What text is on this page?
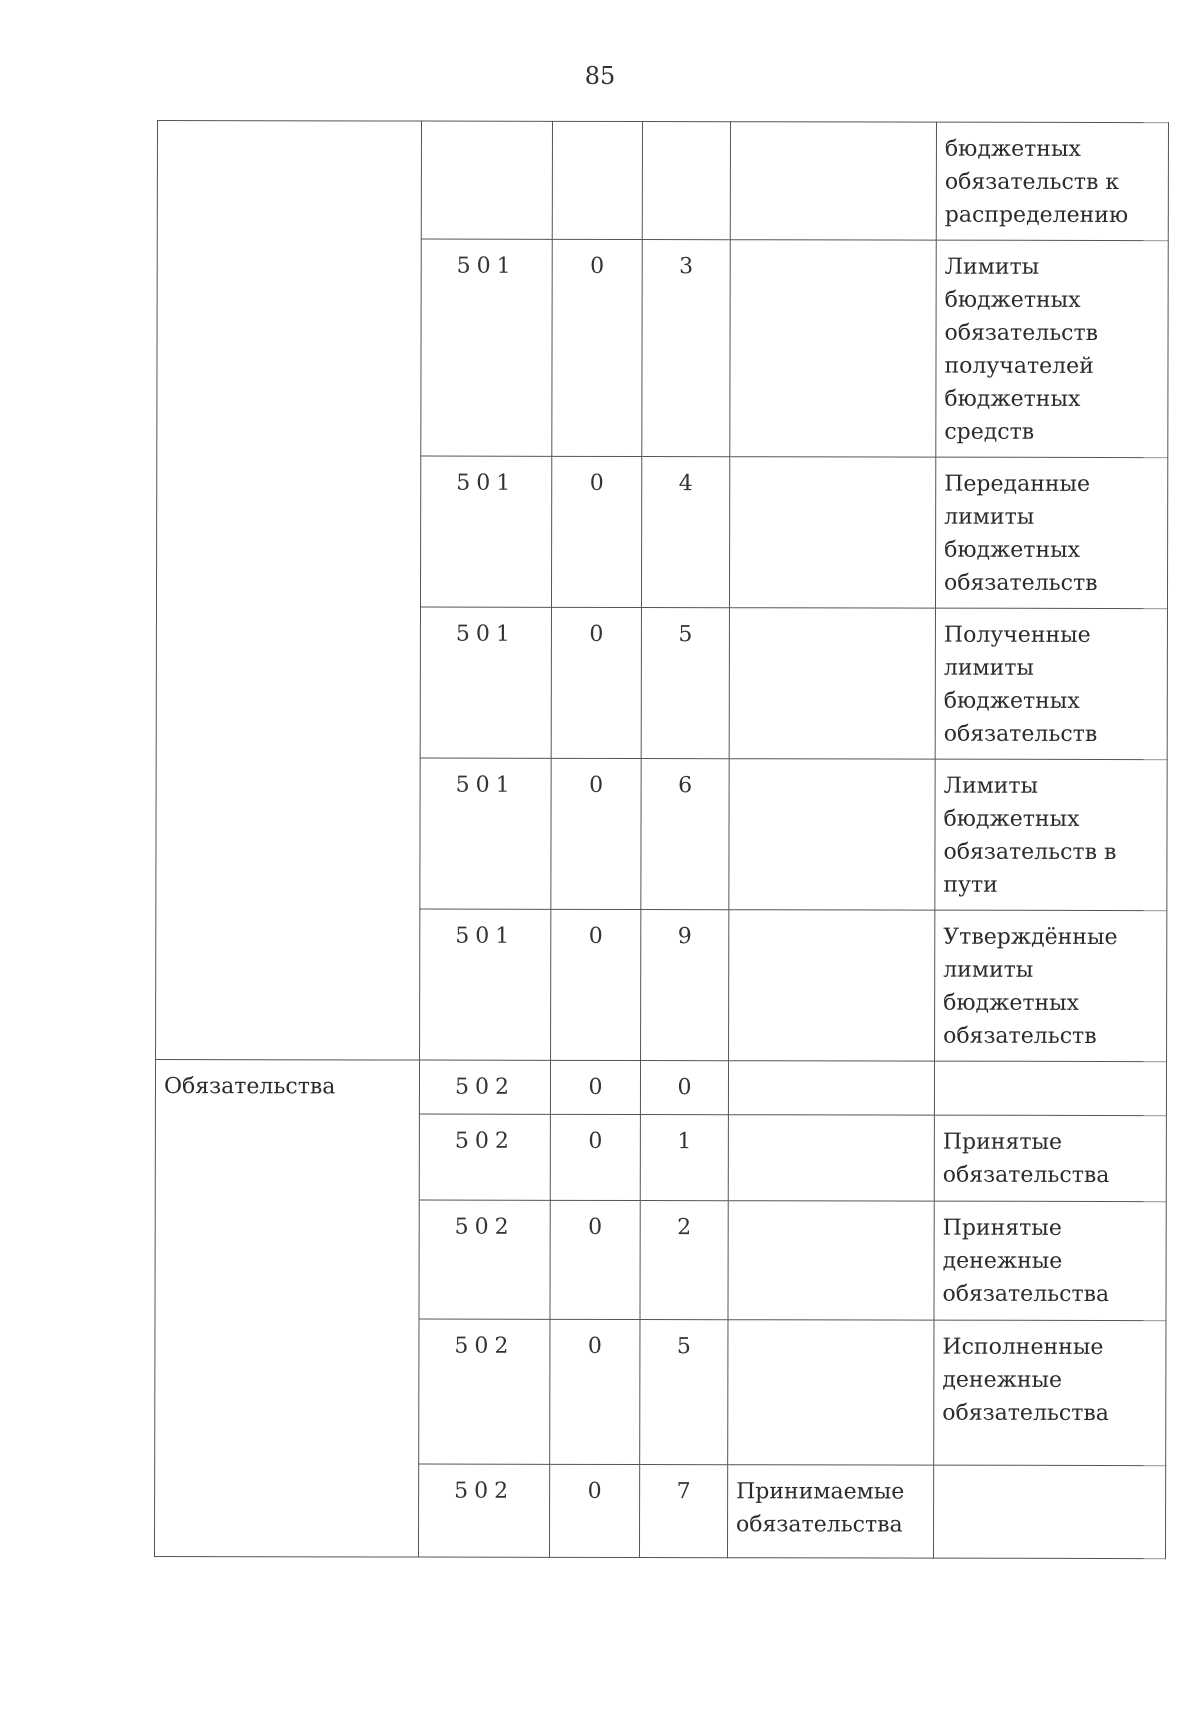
85
					бюджетных обязательств к распределению
	501	0	3		Лимиты бюджетных обязательств получателей бюджетных средств
	501	0	4		Переданные лимиты бюджетных обязательств
	501	0	5		Полученные лимиты бюджетных обязательств
	501	0	6		Лимиты бюджетных обязательств в пути
	501	0	9		Утверждённые лимиты бюджетных обязательств
Обязательства	502	0	0		
	502	0	1		Принятые обязательства
	502	0	2		Принятые денежные обязательства
	502	0	5		Исполненные денежные обязательства
	502	0	7	Принимаемые обязательства	
